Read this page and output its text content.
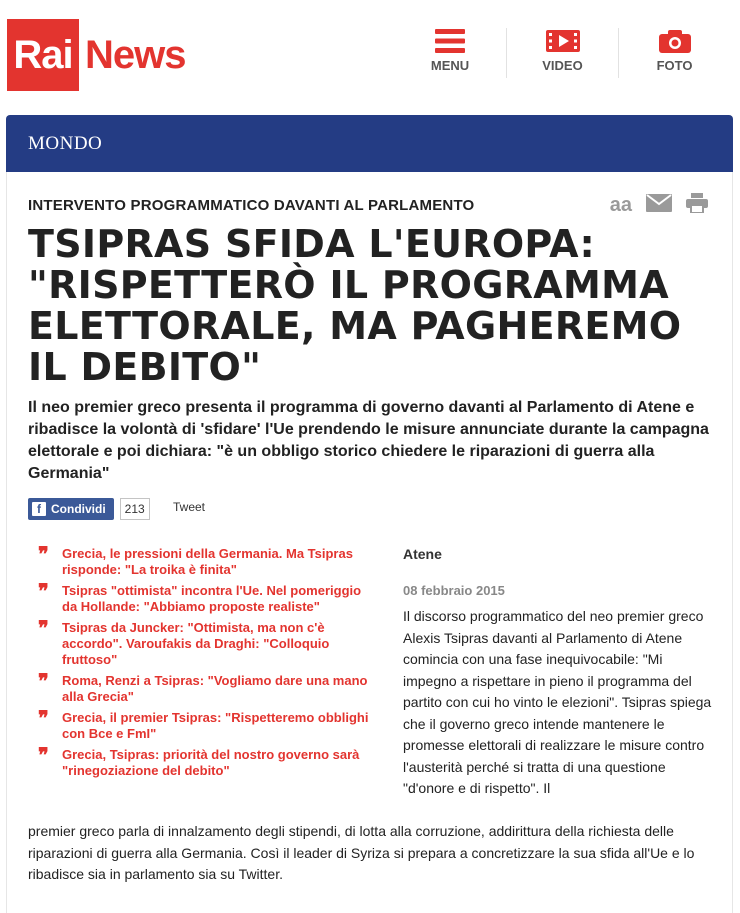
Rai News	MENU	VIDEO	FOTO
MONDO
INTERVENTO PROGRAMMATICO DAVANTI AL PARLAMENTO	aa
TSIPRAS SFIDA L'EUROPA: "RISPETTERÒ IL PROGRAMMA ELETTORALE, MA PAGHEREMO IL DEBITO"

Il neo premier greco presenta il programma di governo davanti al Parlamento di Atene e ribadisce la volontà di 'sfidare' l'Ue prendendo le misure annunciate durante la campagna elettorale e poi dichiara: "è un obbligo storico chiedere le riparazioni di guerra alla Germania"

f Condividi	213	Tweet
❞	Grecia, le pressioni della Germania. Ma Tsipras risponde: "La troika è finita"
❞	Tsipras "ottimista" incontra l'Ue. Nel pomeriggio da Hollande: "Abbiamo proposte realiste"
❞	Tsipras da Juncker: "Ottimista, ma non c'è accordo". Varoufakis da Draghi: "Colloquio fruttoso"
❞	Roma, Renzi a Tsipras: "Vogliamo dare una mano alla Grecia"
❞	Grecia, il premier Tsipras: "Rispetteremo obblighi con Bce e FmI"
❞	Grecia, Tsipras: priorità del nostro governo sarà "rinegoziazione del debito"
Atene
08 febbraio 2015

Il discorso programmatico del neo premier greco Alexis Tsipras davanti al Parlamento di Atene comincia con una fase inequivocabile: "Mi impegno a rispettare in pieno il programma del partito con cui ho vinto le elezioni". Tsipras spiega che il governo greco intende mantenere le promesse elettorali di realizzare le misure contro l'austerità perché si tratta di una questione "d'onore e di rispetto". Il

premier greco parla di innalzamento degli stipendi, di lotta alla corruzione, addirittura della richiesta delle riparazioni di guerra alla Germania. Così il leader di Syriza si prepara a concretizzare la sua sfida all'Ue e lo ribadisce sia in parlamento sia su Twitter.
